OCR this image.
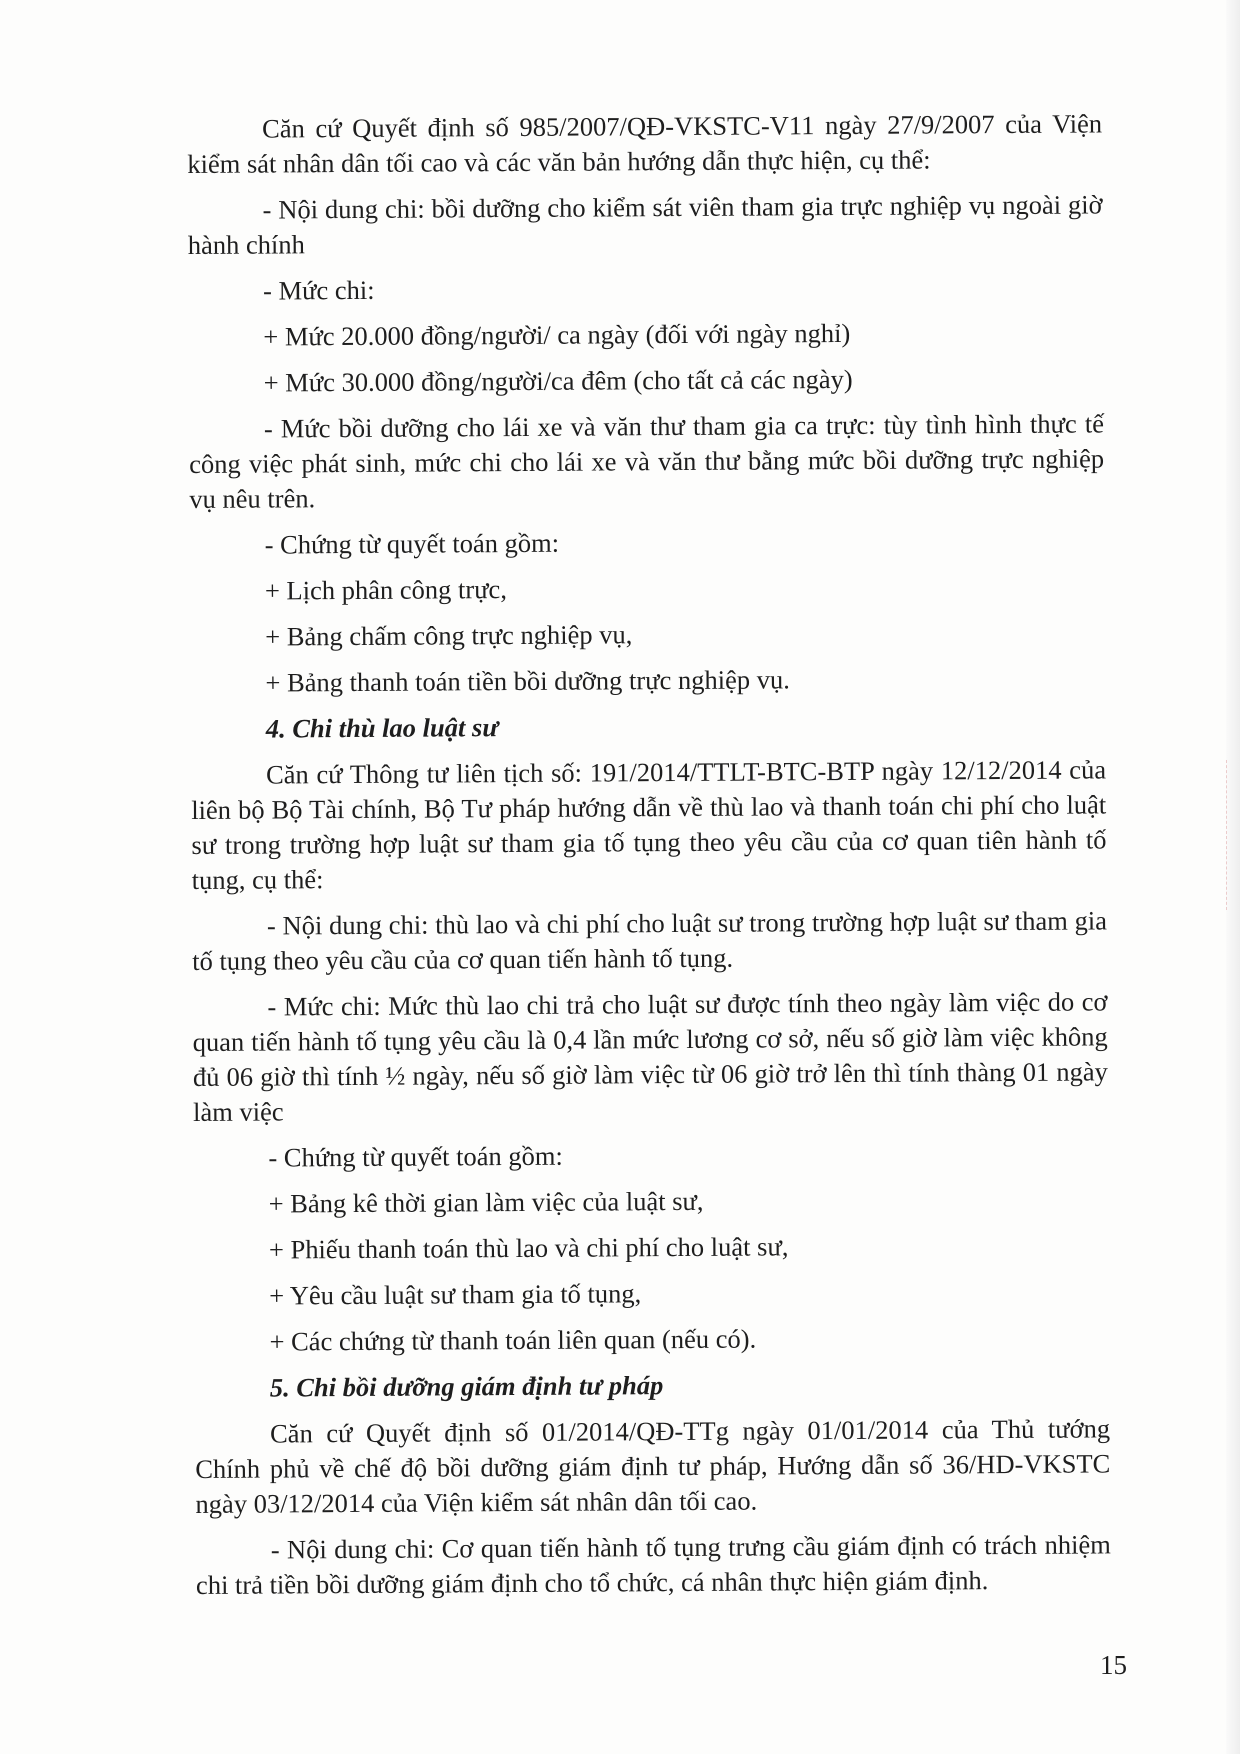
Căn cứ Quyết định số 985/2007/QĐ-VKSTC-V11 ngày 27/9/2007 của Viện kiểm sát nhân dân tối cao và các văn bản hướng dẫn thực hiện, cụ thể:

- Nội dung chi: bồi dưỡng cho kiểm sát viên tham gia trực nghiệp vụ ngoài giờ hành chính

- Mức chi:

+ Mức 20.000 đồng/người/ ca ngày (đối với ngày nghỉ)

+ Mức 30.000 đồng/người/ca đêm (cho tất cả các ngày)

- Mức bồi dưỡng cho lái xe và văn thư tham gia ca trực: tùy tình hình thực tế công việc phát sinh, mức chi cho lái xe và văn thư bằng mức bồi dưỡng trực nghiệp vụ nêu trên.

- Chứng từ quyết toán gồm:

+ Lịch phân công trực,

+ Bảng chấm công trực nghiệp vụ,

+ Bảng thanh toán tiền bồi dưỡng trực nghiệp vụ.

4. Chi thù lao luật sư

Căn cứ Thông tư liên tịch số: 191/2014/TTLT-BTC-BTP ngày 12/12/2014 của liên bộ Bộ Tài chính, Bộ Tư pháp hướng dẫn về thù lao và thanh toán chi phí cho luật sư trong trường hợp luật sư tham gia tố tụng theo yêu cầu của cơ quan tiên hành tố tụng, cụ thể:

- Nội dung chi: thù lao và chi phí cho luật sư trong trường hợp luật sư tham gia tố tụng theo yêu cầu của cơ quan tiến hành tố tụng.

- Mức chi: Mức thù lao chi trả cho luật sư được tính theo ngày làm việc do cơ quan tiến hành tố tụng yêu cầu là 0,4 lần mức lương cơ sở, nếu số giờ làm việc không đủ 06 giờ thì tính ½ ngày, nếu số giờ làm việc từ 06 giờ trở lên thì tính thàng 01 ngày làm việc

- Chứng từ quyết toán gồm:

+ Bảng kê thời gian làm việc của luật sư,

+ Phiếu thanh toán thù lao và chi phí cho luật sư,

+ Yêu cầu luật sư tham gia tố tụng,

+ Các chứng từ thanh toán liên quan (nếu có).

5. Chi bồi dưỡng giám định tư pháp

Căn cứ Quyết định số 01/2014/QĐ-TTg ngày 01/01/2014 của Thủ tướng Chính phủ về chế độ bồi dưỡng giám định tư pháp, Hướng dẫn số 36/HD-VKSTC ngày 03/12/2014 của Viện kiểm sát nhân dân tối cao.

- Nội dung chi: Cơ quan tiến hành tố tụng trưng cầu giám định có trách nhiệm chi trả tiền bồi dưỡng giám định cho tổ chức, cá nhân thực hiện giám định.

15
